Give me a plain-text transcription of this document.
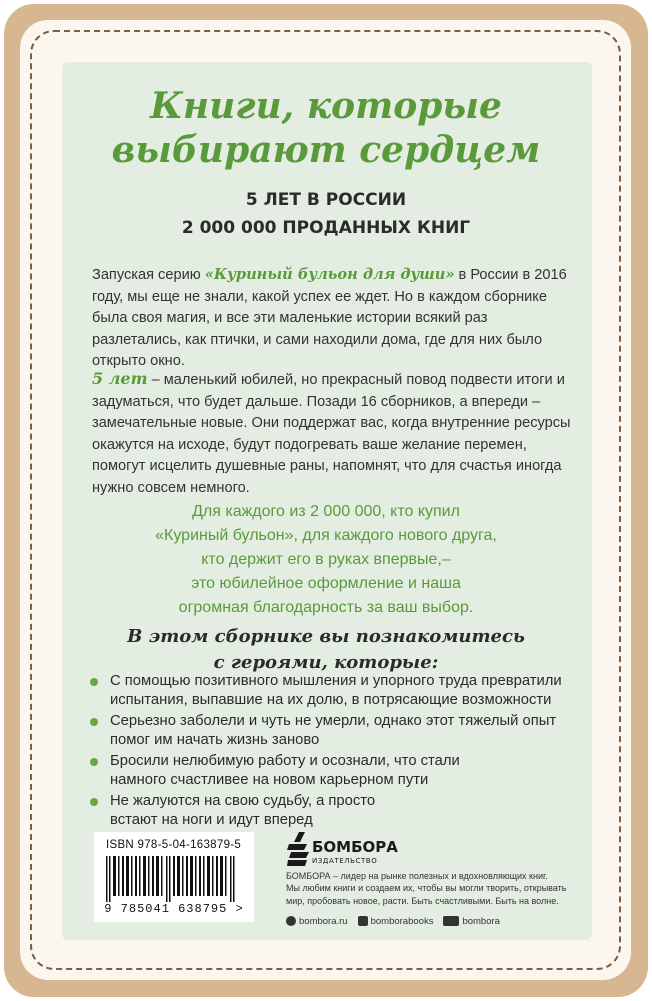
Книги, которые
выбирают сердцем
5 ЛЕТ В РОССИИ
2 000 000 ПРОДАННЫХ КНИГ
Запуская серию «Куриный бульон для души» в России в 2016 году, мы еще не знали, какой успех ее ждет. Но в каждом сборнике была своя магия, и все эти маленькие истории всякий раз разлетались, как птички, и сами находили дома, где для них было открыто окно.
5 лет – маленький юбилей, но прекрасный повод подвести итоги и задуматься, что будет дальше. Позади 16 сборников, а впереди – замечательные новые. Они поддержат вас, когда внутренние ресурсы окажутся на исходе, будут подогревать ваше желание перемен, помогут исцелить душевные раны, напомнят, что для счастья иногда нужно совсем немного.
Для каждого из 2 000 000, кто купил
«Куриный бульон», для каждого нового друга,
кто держит его в руках впервые,–
это юбилейное оформление и наша
огромная благодарность за ваш выбор.
В этом сборнике вы познакомитесь
с героями, которые:
С помощью позитивного мышления и упорного труда превратили
испытания, выпавшие на их долю, в потрясающие возможности
Серьезно заболели и чуть не умерли, однако этот тяжелый опыт
помог им начать жизнь заново
Бросили нелюбимую работу и осознали, что стали
намного счастливее на новом карьерном пути
Не жалуются на свою судьбу, а просто
встают на ноги и идут вперед
ISBN 978-5-04-163879-5
9 785041 638795 >
БОМБОРА
ИЗДАТЕЛЬСТВО
БОМБОРА – лидер на рынке полезных и вдохновляющих книг.
Мы любим книги и создаем их, чтобы вы могли творить, открывать
мир, пробовать новое, расти. Быть счастливыми. Быть на волне.
bombora.ru bomborabooks	bombora
